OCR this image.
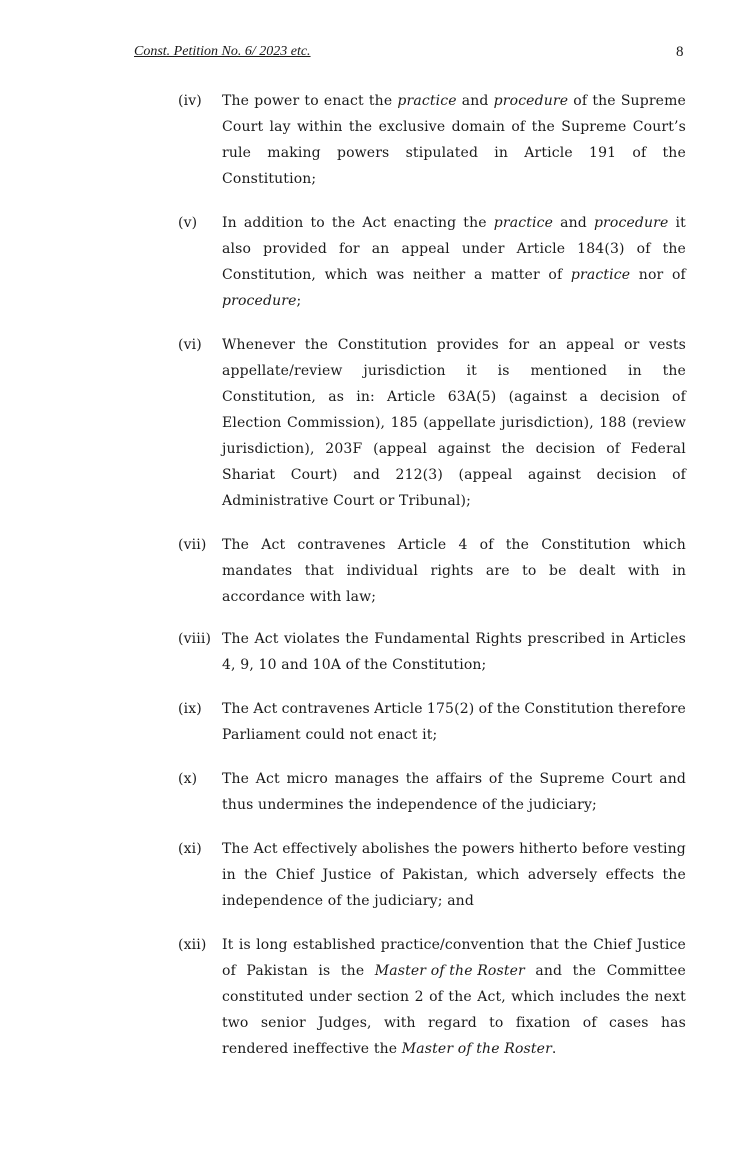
Const. Petition No. 6/ 2023 etc.	8
(iv) The power to enact the practice and procedure of the Supreme
Court lay within the exclusive domain of the Supreme Court’s
rule making powers stipulated in Article 191 of the
Constitution;
(v) In addition to the Act enacting the practice and procedure it
also provided for an appeal under Article 184(3) of the
Constitution, which was neither a matter of practice nor of
procedure;
(vi) Whenever the Constitution provides for an appeal or vests
appellate/review jurisdiction it is mentioned in the
Constitution, as in: Article 63A(5) (against a decision of
Election Commission), 185 (appellate jurisdiction), 188 (review
jurisdiction), 203F (appeal against the decision of Federal
Shariat Court) and 212(3) (appeal against decision of
Administrative Court or Tribunal);
(vii) The Act contravenes Article 4 of the Constitution which
mandates that individual rights are to be dealt with in
accordance with law;
(viii) The Act violates the Fundamental Rights prescribed in Articles
4, 9, 10 and 10A of the Constitution;
(ix) The Act contravenes Article 175(2) of the Constitution therefore
Parliament could not enact it;
(x) The Act micro manages the affairs of the Supreme Court and
thus undermines the independence of the judiciary;
(xi) The Act effectively abolishes the powers hitherto before vesting
in the Chief Justice of Pakistan, which adversely effects the
independence of the judiciary; and
(xii) It is long established practice/convention that the Chief Justice
of Pakistan is the Master of the Roster and the Committee
constituted under section 2 of the Act, which includes the next
two senior Judges, with regard to fixation of cases has
rendered ineffective the Master of the Roster.
